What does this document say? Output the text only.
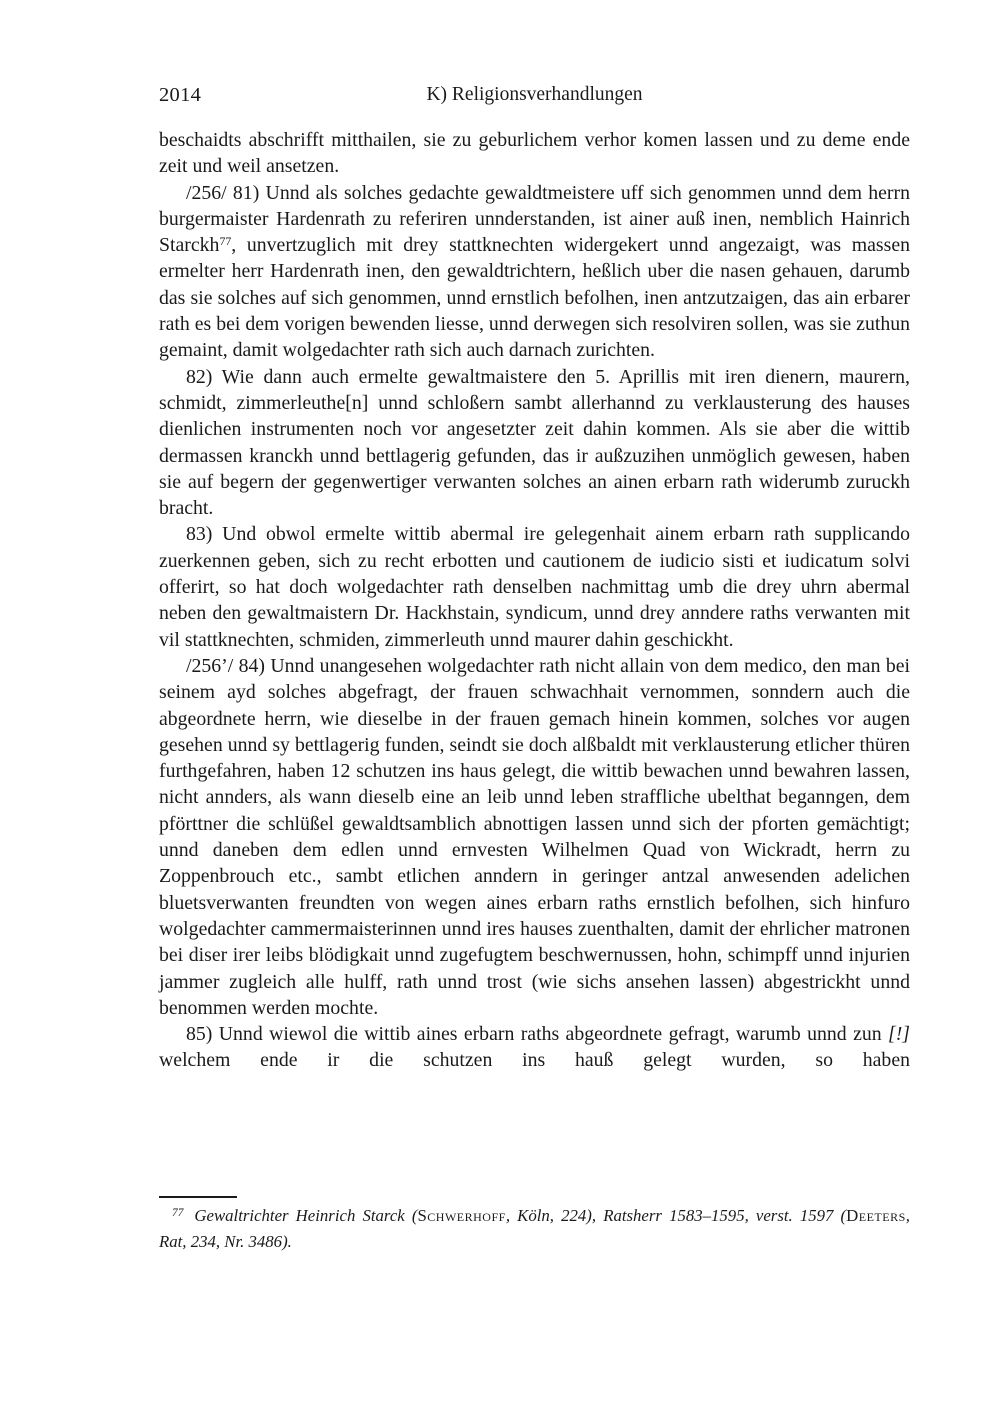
2014	K) Religionsverhandlungen

beschaidts abschrifft mitthailen, sie zu geburlichem verhor komen lassen und zu deme ende zeit und weil ansetzen.

/256/ 81) Unnd als solches gedachte gewaldtmeistere uff sich genommen unnd dem herrn burgermaister Hardenrath zu referiren unnderstanden, ist ainer auß inen, nemblich Hainrich Starckh$^{77}$, unvertzuglich mit drey stattknechten widergekert unnd angezaigt, was massen ermelter herr Hardenrath inen, den gewaldtrichtern, heßlich uber die nasen gehauen, darumb das sie solches auf sich genommen, unnd ernstlich befolhen, inen antzutzaigen, das ain erbarer rath es bei dem vorigen bewenden liesse, unnd derwegen sich resolviren sollen, was sie zuthun gemaint, damit wolgedachter rath sich auch darnach zurichten.

82) Wie dann auch ermelte gewaltmaistere den 5. Aprillis mit iren dienern, maurern, schmidt, zimmerleuthe[n] unnd schloßern sambt allerhannd zu verklausterung des hauses dienlichen instrumenten noch vor angesetzter zeit dahin kommen. Als sie aber die wittib dermassen kranckh unnd bettlagerig gefunden, das ir außzuzihen unmöglich gewesen, haben sie auf begern der gegenwertiger verwanten solches an ainen erbarn rath widerumb zuruckh bracht.

83) Und obwol ermelte wittib abermal ire gelegenhait ainem erbarn rath supplicando zuerkennen geben, sich zu recht erbotten und cautionem de iudicio sisti et iudicatum solvi offerirt, so hat doch wolgedachter rath denselben nachmittag umb die drey uhrn abermal neben den gewaltmaistern Dr. Hackhstain, syndicum, unnd drey anndere raths verwanten mit vil stattknechten, schmiden, zimmerleuth unnd maurer dahin geschickht.

/256’/ 84) Unnd unangesehen wolgedachter rath nicht allain von dem medico, den man bei seinem ayd solches abgefragt, der frauen schwachhait vernommen, sonndern auch die abgeordnete herrn, wie dieselbe in der frauen gemach hinein kommen, solches vor augen gesehen unnd sy bettlagerig funden, seindt sie doch alßbaldt mit verklausterung etlicher thüren furthgefahren, haben 12 schutzen ins haus gelegt, die wittib bewachen unnd bewahren lassen, nicht annders, als wann dieselb eine an leib unnd leben straffliche ubelthat beganngen, dem pförttner die schlüßel gewaldtsamblich abnottigen lassen unnd sich der pforten gemächtigt; unnd daneben dem edlen unnd ernvesten Wilhelmen Quad von Wickradt, herrn zu Zoppenbrouch etc., sambt etlichen anndern in geringer antzal anwesenden adelichen bluetsverwanten freundten von wegen aines erbarn raths ernstlich befolhen, sich hinfuro wolgedachter cammermaisterinnen unnd ires hauses zuenthalten, damit der ehrlicher matronen bei diser irer leibs blödigkait unnd zugefugtem beschwernussen, hohn, schimpff unnd injurien jammer zugleich alle hulff, rath unnd trost (wie sichs ansehen lassen) abgestrickht unnd benommen werden mochte.

85) Unnd wiewol die wittib aines erbarn raths abgeordnete gefragt, warumb unnd zun [!] welchem ende ir die schutzen ins hauß gelegt wurden, so haben

$^{77}$ Gewaltrichter Heinrich Starck (Schwerhoff, Köln, 224), Ratsherr 1583–1595, verst. 1597 (Deeters, Rat, 234, Nr. 3486).
